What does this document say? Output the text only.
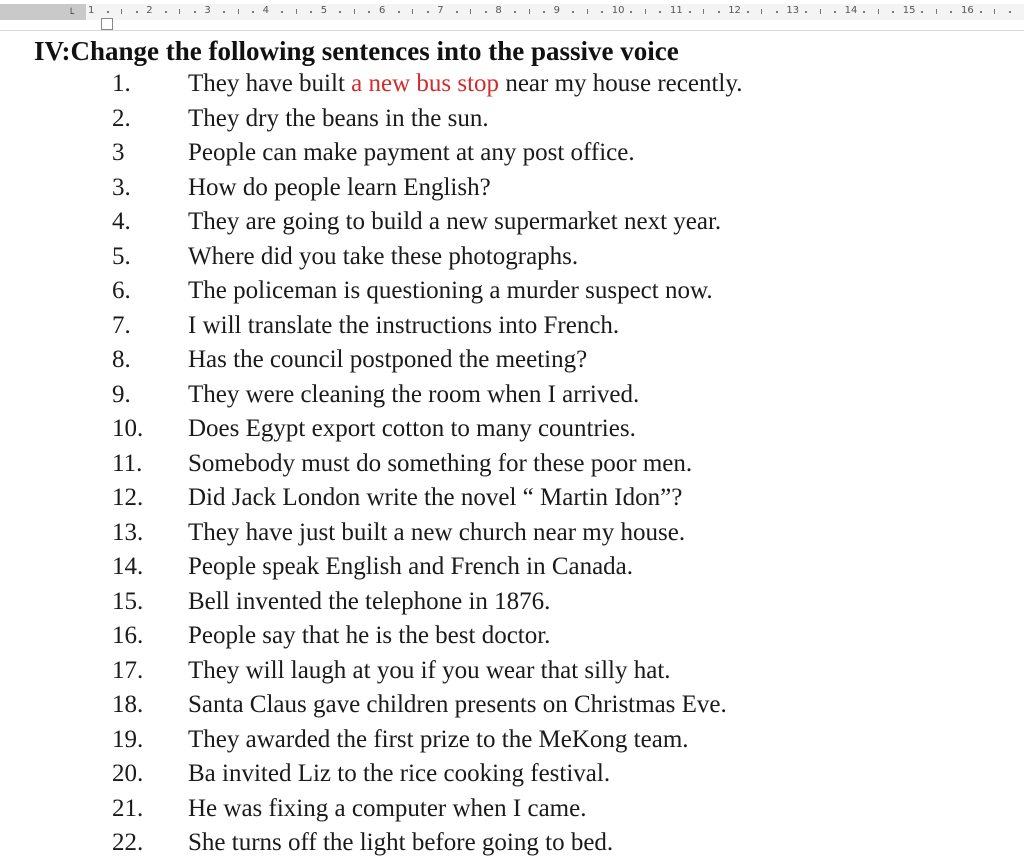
└ 1	2	3	4	5	6	7	8	9	10	11	12	13	14	15	16
IV:Change the following sentences into the passive voice
1. They have built a new bus stop near my house recently.
2. They dry the beans in the sun.
3	People can make payment at any post office.
3. How do people learn English?
4. They are going to build a new supermarket next year.
5. Where did you take these photographs.
6. The policeman is questioning a murder suspect now.
7. I will translate the instructions into French.
8. Has the council postponed the meeting?
9. They were cleaning the room when I arrived.
10. Does Egypt export cotton to many countries.
11. Somebody must do something for these poor men.
12. Did Jack London write the novel “ Martin Idon”?
13. They have just built a new church near my house.
14. People speak English and French in Canada.
15. Bell invented the telephone in 1876.
16. People say that he is the best doctor.
17. They will laugh at you if you wear that silly hat.
18. Santa Claus gave children presents on Christmas Eve.
19. They awarded the first prize to the MeKong team.
20. Ba invited Liz to the rice cooking festival.
21. He was fixing a computer when I came.
22. She turns off the light before going to bed.
